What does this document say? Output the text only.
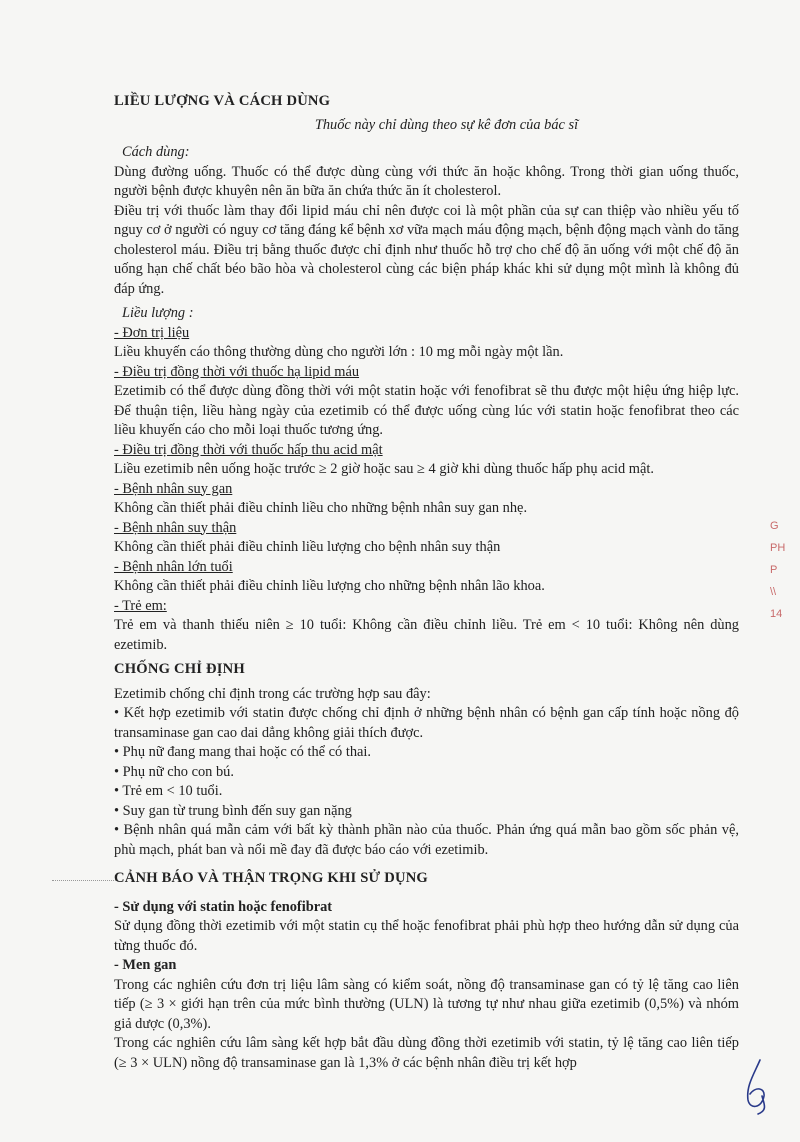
LIỀU LƯỢNG VÀ CÁCH DÙNG

Thuốc này chỉ dùng theo sự kê đơn của bác sĩ

Cách dùng:

Dùng đường uống. Thuốc có thể được dùng cùng với thức ăn hoặc không. Trong thời gian uống thuốc, người bệnh được khuyên nên ăn bữa ăn chứa thức ăn ít cholesterol.

Điều trị với thuốc làm thay đổi lipid máu chỉ nên được coi là một phần của sự can thiệp vào nhiều yếu tố nguy cơ ở người có nguy cơ tăng đáng kể bệnh xơ vữa mạch máu động mạch, bệnh động mạch vành do tăng cholesterol máu. Điều trị bằng thuốc được chỉ định như thuốc hỗ trợ cho chế độ ăn uống với một chế độ ăn uống hạn chế chất béo bão hòa và cholesterol cùng các biện pháp khác khi sử dụng một mình là không đủ đáp ứng.

Liều lượng :

- Đơn trị liệu

Liều khuyến cáo thông thường dùng cho người lớn : 10 mg mỗi ngày một lần.

- Điều trị đồng thời với thuốc hạ lipid máu

Ezetimib có thể được dùng đồng thời với một statin hoặc với fenofibrat sẽ thu được một hiệu ứng hiệp lực. Để thuận tiện, liều hàng ngày của ezetimib có thể được uống cùng lúc với statin hoặc fenofibrat theo các liều khuyến cáo cho mỗi loại thuốc tương ứng.

- Điều trị đồng thời với thuốc hấp thu acid mật

Liều ezetimib nên uống hoặc trước ≥ 2 giờ hoặc sau ≥ 4 giờ khi dùng thuốc hấp phụ acid mật.

- Bệnh nhân suy gan

Không cần thiết phải điều chỉnh liều cho những bệnh nhân suy gan nhẹ.

- Bệnh nhân suy thận

Không cần thiết phải điều chỉnh liều lượng cho bệnh nhân suy thận

- Bệnh nhân lớn tuổi

Không cần thiết phải điều chỉnh liều lượng cho những bệnh nhân lão khoa.

- Trẻ em:

Trẻ em và thanh thiếu niên ≥ 10 tuổi: Không cần điều chỉnh liều. Trẻ em < 10 tuổi: Không nên dùng ezetimib.

CHỐNG CHỈ ĐỊNH

Ezetimib chống chỉ định trong các trường hợp sau đây:

• Kết hợp ezetimib với statin được chống chỉ định ở những bệnh nhân có bệnh gan cấp tính hoặc nồng độ transaminase gan cao dai dẳng không giải thích được.

• Phụ nữ đang mang thai hoặc có thể có thai.

• Phụ nữ cho con bú.

• Trẻ em < 10 tuổi.

• Suy gan từ trung bình đến suy gan nặng

• Bệnh nhân quá mẫn cảm với bất kỳ thành phần nào của thuốc. Phản ứng quá mẫn bao gồm sốc phản vệ, phù mạch, phát ban và nổi mề đay đã được báo cáo với ezetimib.

CẢNH BÁO VÀ THẬN TRỌNG KHI SỬ DỤNG

- Sử dụng với statin hoặc fenofibrat

Sử dụng đồng thời ezetimib với một statin cụ thể hoặc fenofibrat phải phù hợp theo hướng dẫn sử dụng của từng thuốc đó.

- Men gan

Trong các nghiên cứu đơn trị liệu lâm sàng có kiểm soát, nồng độ transaminase gan có tỷ lệ tăng cao liên tiếp (≥ 3 × giới hạn trên của mức bình thường (ULN) là tương tự như nhau giữa ezetimib (0,5%) và nhóm giả dược (0,3%).

Trong các nghiên cứu lâm sàng kết hợp bắt đầu dùng đồng thời ezetimib với statin, tỷ lệ tăng cao liên tiếp (≥ 3 × ULN) nồng độ transaminase gan là 1,3% ở các bệnh nhân điều trị kết hợp

G
PH
P
\\
14
